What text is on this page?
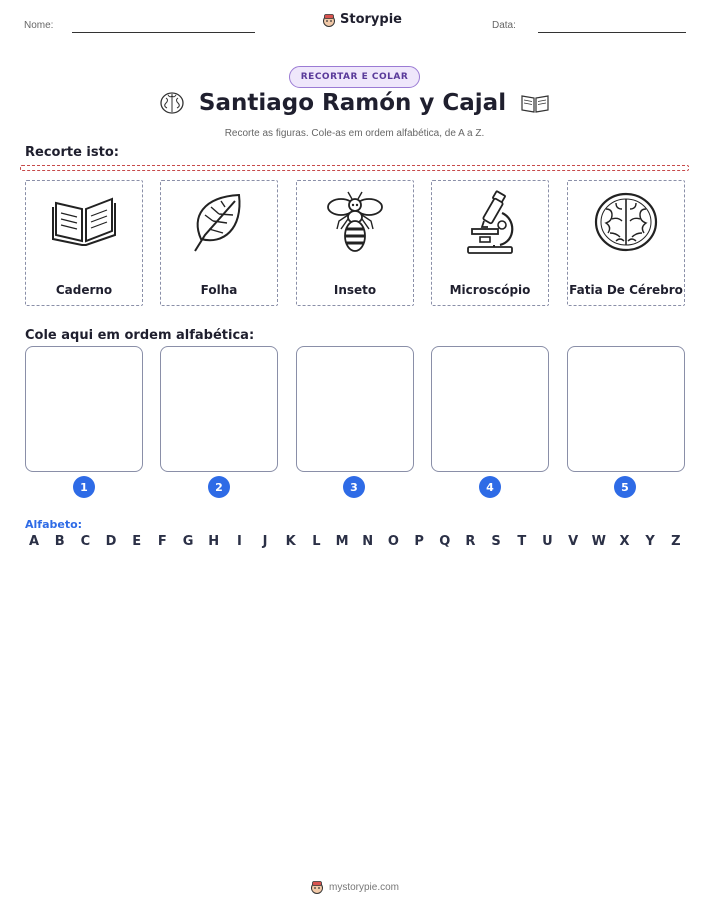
Nome:	Storypie	Data:
RECORTAR E COLAR
Santiago Ramón y Cajal
Recorte as figuras. Cole-as em ordem alfabética, de A a Z.
Recorte isto:
Caderno	Folha	Inseto	Microscópio	Fatia De Cérebro
Cole aqui em ordem alfabética:
1	2	3	4	5
Alfabeto:
A	B	C	D	E	F	G H	I	J	K	L	M N O	P	Q	R	S	T	U	V	W	X	Y	Z
mystorypie.com
